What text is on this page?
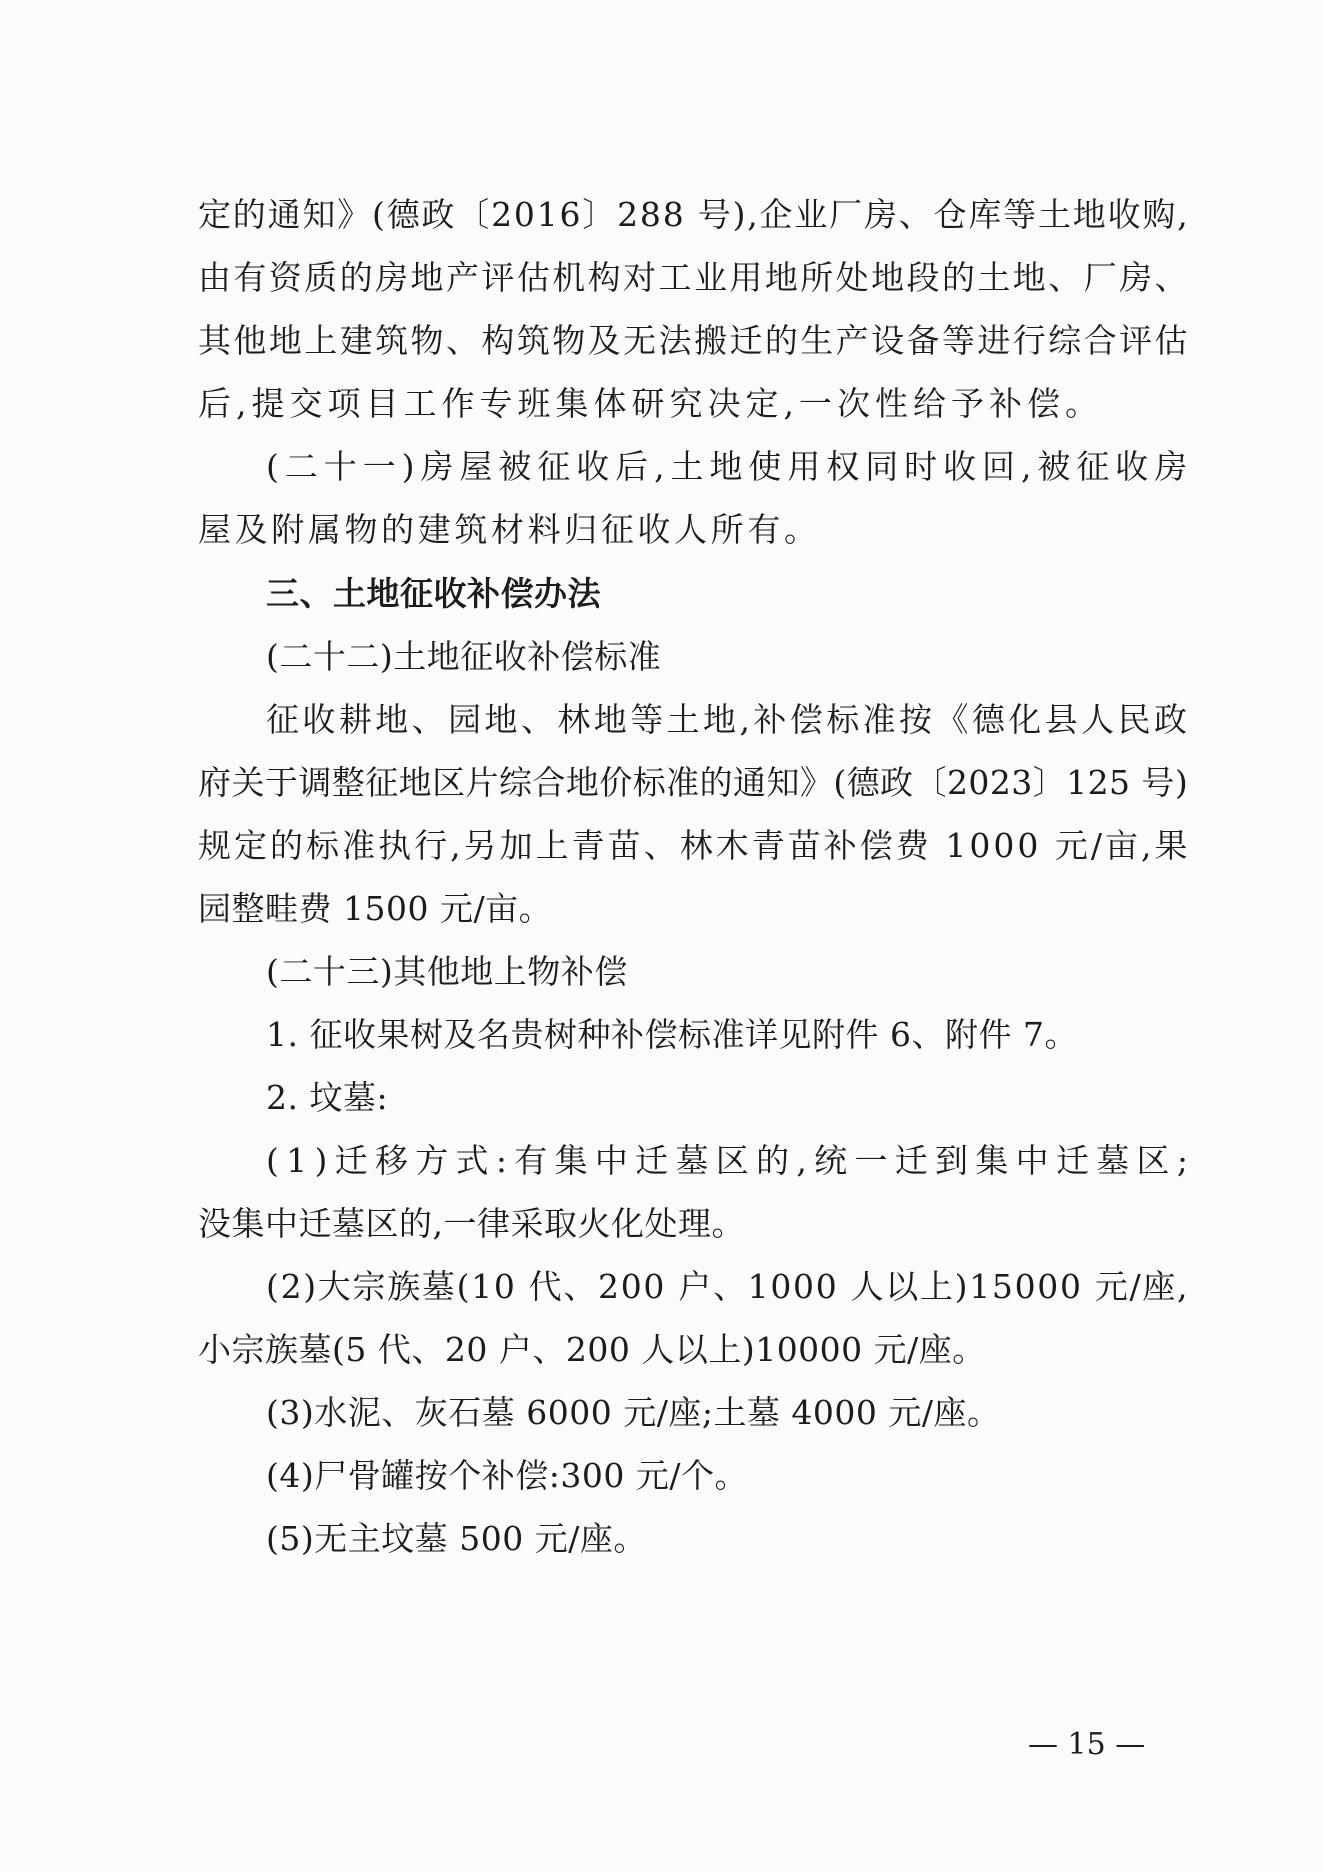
定的通知》(德政〔2016〕288 号),企业厂房、仓库等土地收购,
由有资质的房地产评估机构对工业用地所处地段的土地、厂房、
其他地上建筑物、构筑物及无法搬迁的生产设备等进行综合评估
后,提交项目工作专班集体研究决定,一次性给予补偿。
(二十一)房屋被征收后,土地使用权同时收回,被征收房
屋及附属物的建筑材料归征收人所有。
三、土地征收补偿办法
(二十二)土地征收补偿标准
征收耕地、园地、林地等土地,补偿标准按《德化县人民政
府关于调整征地区片综合地价标准的通知》(德政〔2023〕125 号)
规定的标准执行,另加上青苗、林木青苗补偿费 1000 元/亩,果
园整畦费 1500 元/亩。
(二十三)其他地上物补偿
1. 征收果树及名贵树种补偿标准详见附件 6、附件 7。
2. 坟墓:
(1)迁移方式:有集中迁墓区的,统一迁到集中迁墓区;
没集中迁墓区的,一律采取火化处理。
(2)大宗族墓(10 代、200 户、1000 人以上)15000 元/座,
小宗族墓(5 代、20 户、200 人以上)10000 元/座。
(3)水泥、灰石墓 6000 元/座;土墓 4000 元/座。
(4)尸骨罐按个补偿:300 元/个。
(5)无主坟墓 500 元/座。
— 15 —
